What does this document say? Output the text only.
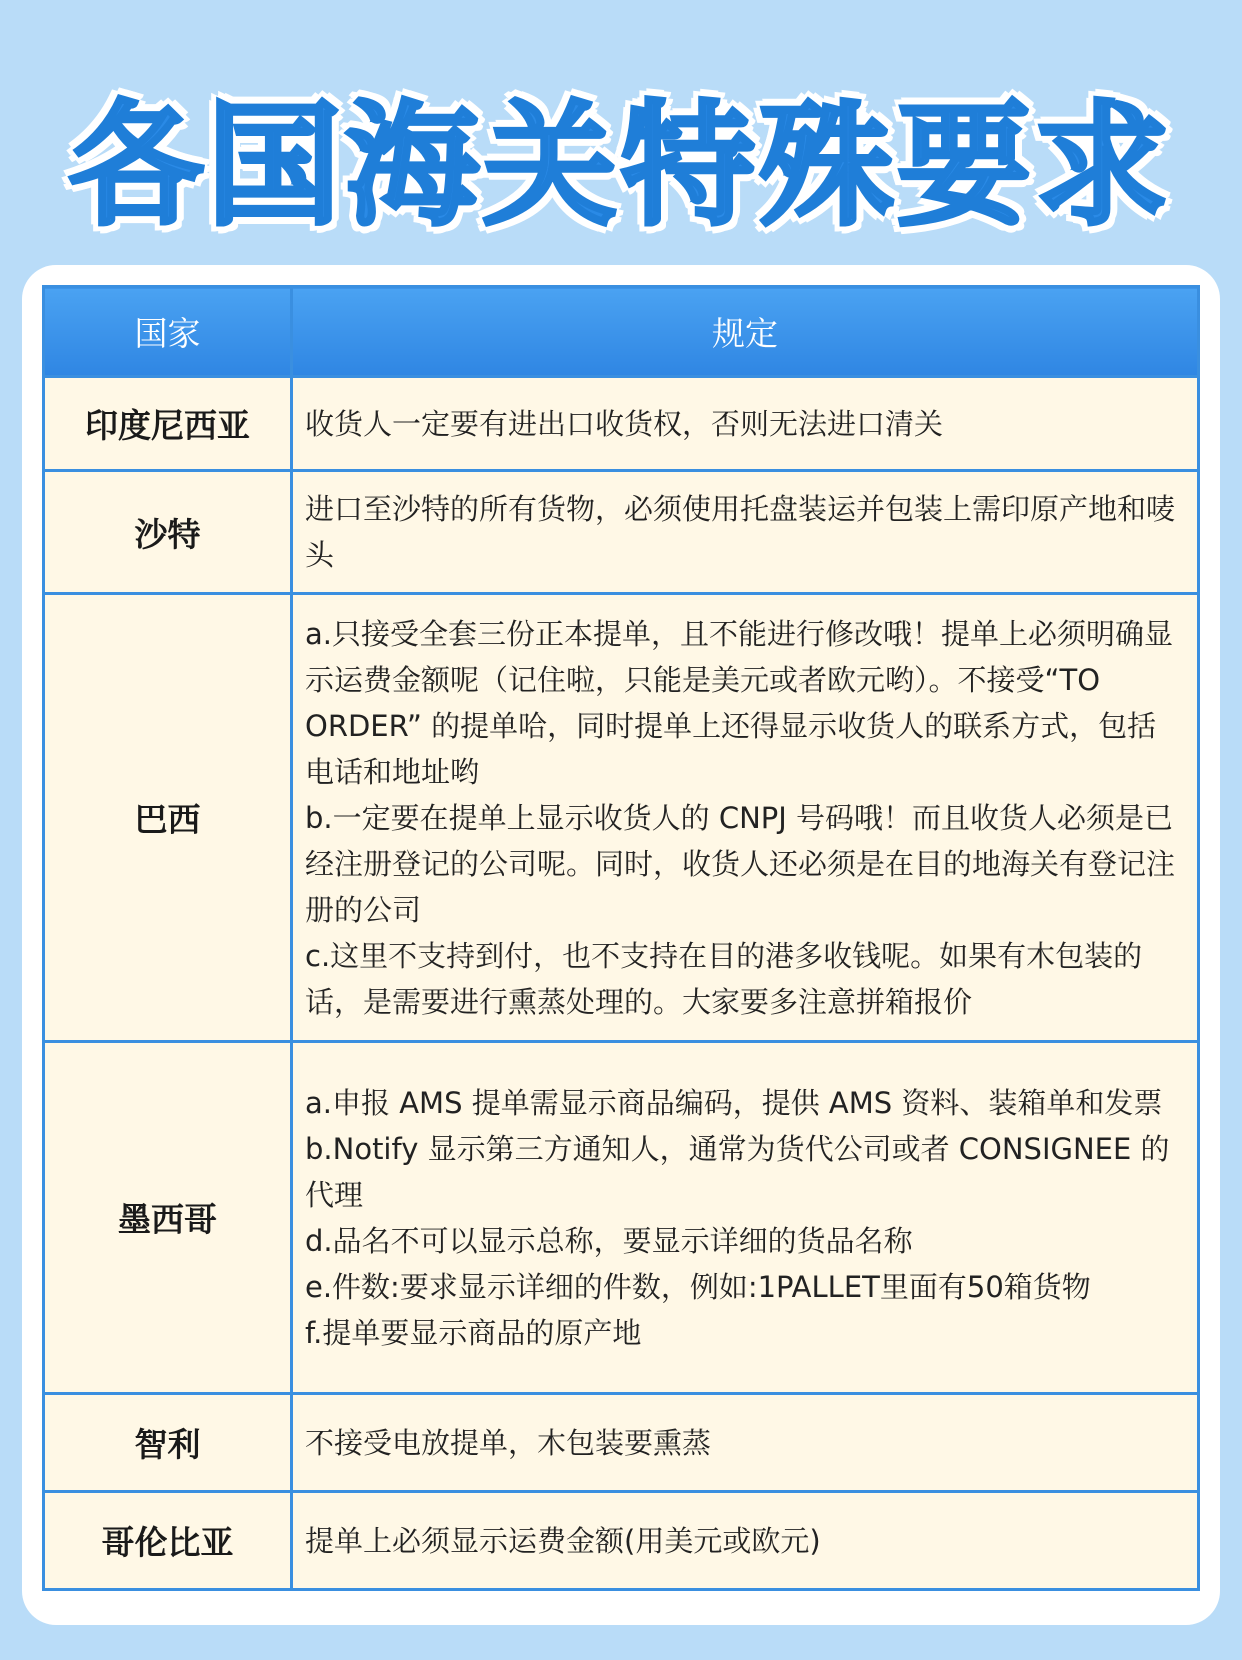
各国海关特殊要求
国家	规定
印度尼西亚	收货人一定要有进出口收货权，否则无法进口清关

沙特	进口至沙特的所有货物，必须使用托盘装运并包装上需印原产地和唛头

巴西	a.只接受全套三份正本提单，且不能进行修改哦！提单上必须明确显示运费金额呢（记住啦，只能是美元或者欧元哟）。不接受“TO ORDER” 的提单哈，同时提单上还得显示收货人的联系方式，包括电话和地址哟
b.一定要在提单上显示收货人的 CNPJ 号码哦！而且收货人必须是已经注册登记的公司呢。同时，收货人还必须是在目的地海关有登记注册的公司
c.这里不支持到付，也不支持在目的港多收钱呢。如果有木包装的话，是需要进行熏蒸处理的。大家要多注意拼箱报价

墨西哥	a.申报 AMS 提单需显示商品编码，提供 AMS 资料、装箱单和发票
b.Notify 显示第三方通知人，通常为货代公司或者 CONSIGNEE 的代理
d.品名不可以显示总称，要显示详细的货品名称
e.件数:要求显示详细的件数，例如:1PALLET里面有50箱货物
f.提单要显示商品的原产地

智利	不接受电放提单，木包装要熏蒸

哥伦比亚	提单上必须显示运费金额(用美元或欧元)
